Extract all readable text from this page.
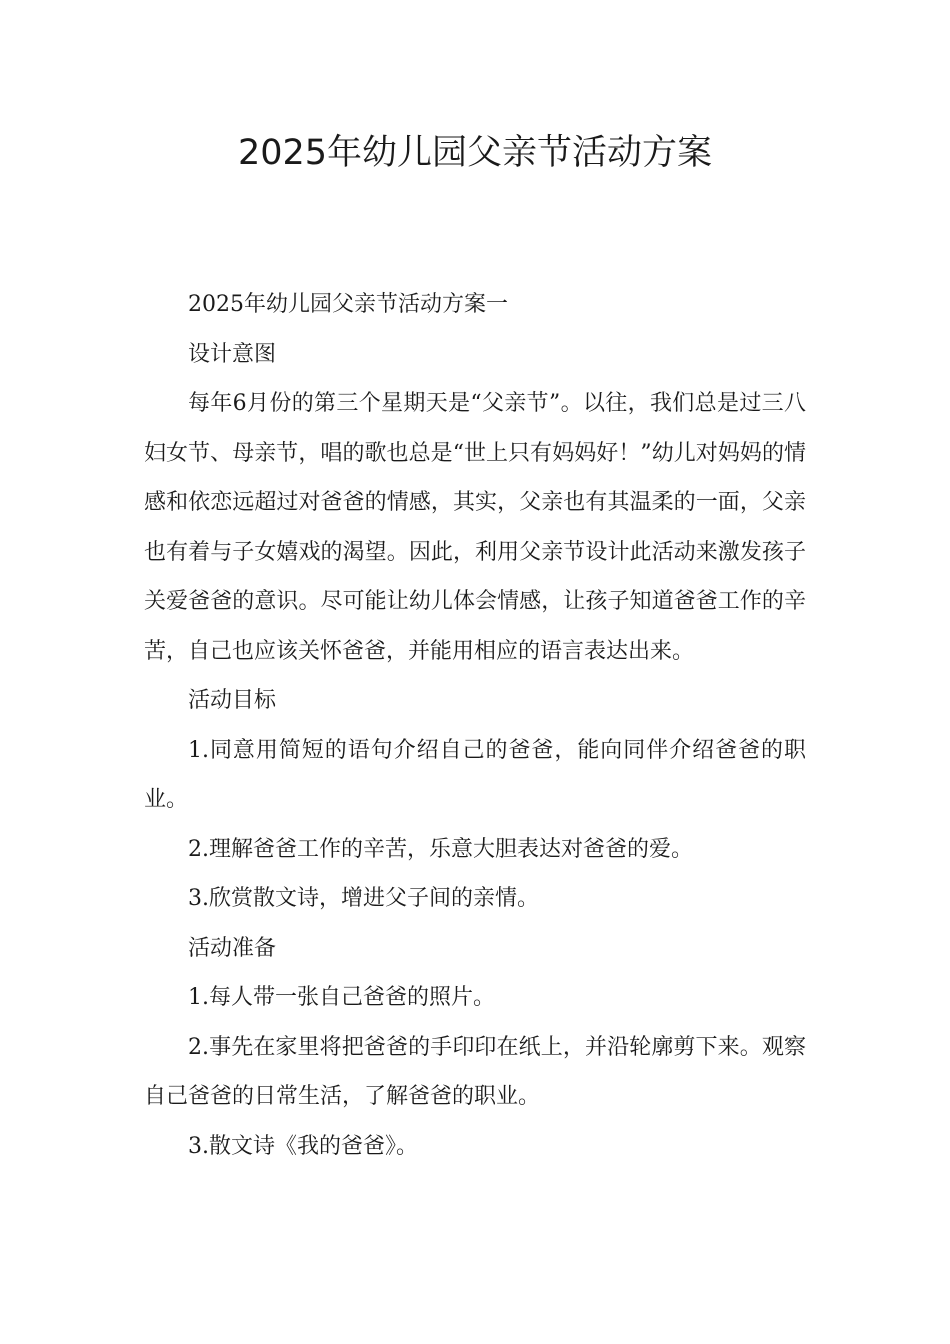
2025年幼儿园父亲节活动方案

2025年幼儿园父亲节活动方案一

设计意图

每年6月份的第三个星期天是“父亲节”。以往，我们总是过三八妇女节、母亲节，唱的歌也总是“世上只有妈妈好！”幼儿对妈妈的情感和依恋远超过对爸爸的情感，其实，父亲也有其温柔的一面，父亲也有着与子女嬉戏的渴望。因此，利用父亲节设计此活动来激发孩子关爱爸爸的意识。尽可能让幼儿体会情感，让孩子知道爸爸工作的辛苦，自己也应该关怀爸爸，并能用相应的语言表达出来。

活动目标

1.同意用简短的语句介绍自己的爸爸，能向同伴介绍爸爸的职业。

2.理解爸爸工作的辛苦，乐意大胆表达对爸爸的爱。

3.欣赏散文诗，增进父子间的亲情。

活动准备

1.每人带一张自己爸爸的照片。

2.事先在家里将把爸爸的手印印在纸上，并沿轮廓剪下来。观察自己爸爸的日常生活，了解爸爸的职业。

3.散文诗《我的爸爸》。
